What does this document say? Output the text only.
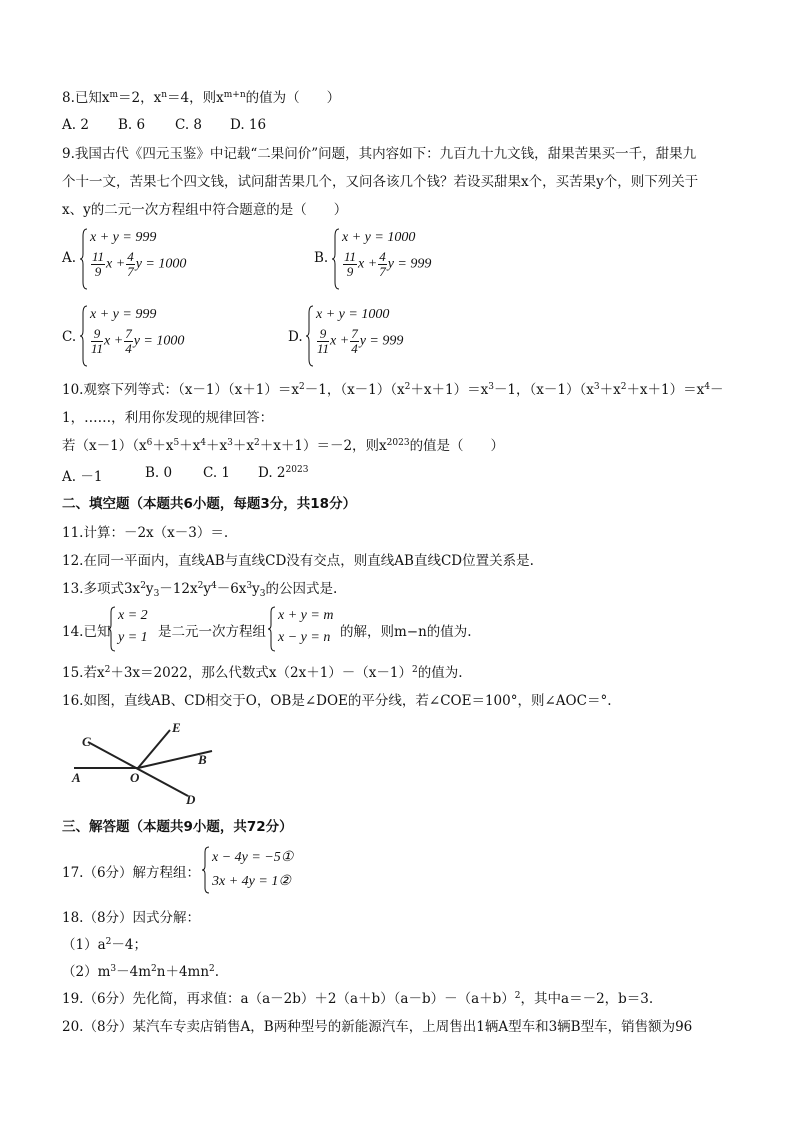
8.已知$x^m=2$，$x^n=4$，则$x^{m+n}$的值为（　　）
A. 2 B. 6 C. 8 D. 16
9.我国古代《四元玉鉴》中记载“二果问价”问题，其内容如下：九百九十九文钱，甜果苦果买一千，甜果九
个十一文，苦果七个四文钱，试问甜苦果几个，又问各该几个钱？若设买甜果x个，买苦果y个，则下列关于
x、y的二元一次方程组中符合题意的是（　　）
A.
x + y = 999
$\frac{11}{9}$ $x + \frac{4}{7}$ y = 1000	B.
x + y = 1000
$\frac{11}{9}$ $x + \frac{4}{7}$ y = 999
C.
x + y = 999
$\frac{9}{11}$ $x + \frac{7}{4}$ y = 1000	D.
x + y = 1000
$\frac{9}{11}$ $x + \frac{7}{4}$ y = 999
10.观察下列等式：$(x-1)(x+1)=x^2-1$，$(x-1)(x^2+x+1)=x^3-1$，$(x-1)(x^3+x^2+x+1)=x^4-$
1，……，利用你发现的规律回答：
若$(x-1)(x^6+x^5+x^4+x^3+x^2+x+1)=-2$，则$x^{2023}$的值是（　　）
A. －1	B. 0 C. 1 D. $2^{2023}$
二、填空题（本题共6小题，每题3分，共18分）
11.计算：－2x（x－3）＝.
12.在同一平面内，直线AB与直线CD没有交点，则直线AB直线CD位置关系是.
13.多项式$3x^2y_3-12x^2y^4-6x^3y_3$的公因式是.
14.已知
x = 2
y = 1 是二元一次方程组
x + y = m
x − y = n 的解，则m−n的值为.
15.若$x^2+3x=2022$，那么代数式$x(2x+1)-(x-1)^2$的值为.
16.如图，直线AB、CD相交于O，OB是∠DOE的平分线，若∠COE＝100°，则∠AOC＝°.
A
B
C
D
E
O
三、解答题（本题共9小题，共72分）
17.（6分）解方程组：
x − 4y = −5①
3x + 4y = 1②
18.（8分）因式分解：
$(1)a^2-4$；
$(2)m^3-4m^2n+4mn^2$.
19.（6分）先化简，再求值：$a(a-2b)+2(a+b)(a-b)-(a+b)^2$，其中a＝－2，b＝3.
20.（8分）某汽车专卖店销售A，B两种型号的新能源汽车，上周售出1辆A型车和3辆B型车，销售额为96
